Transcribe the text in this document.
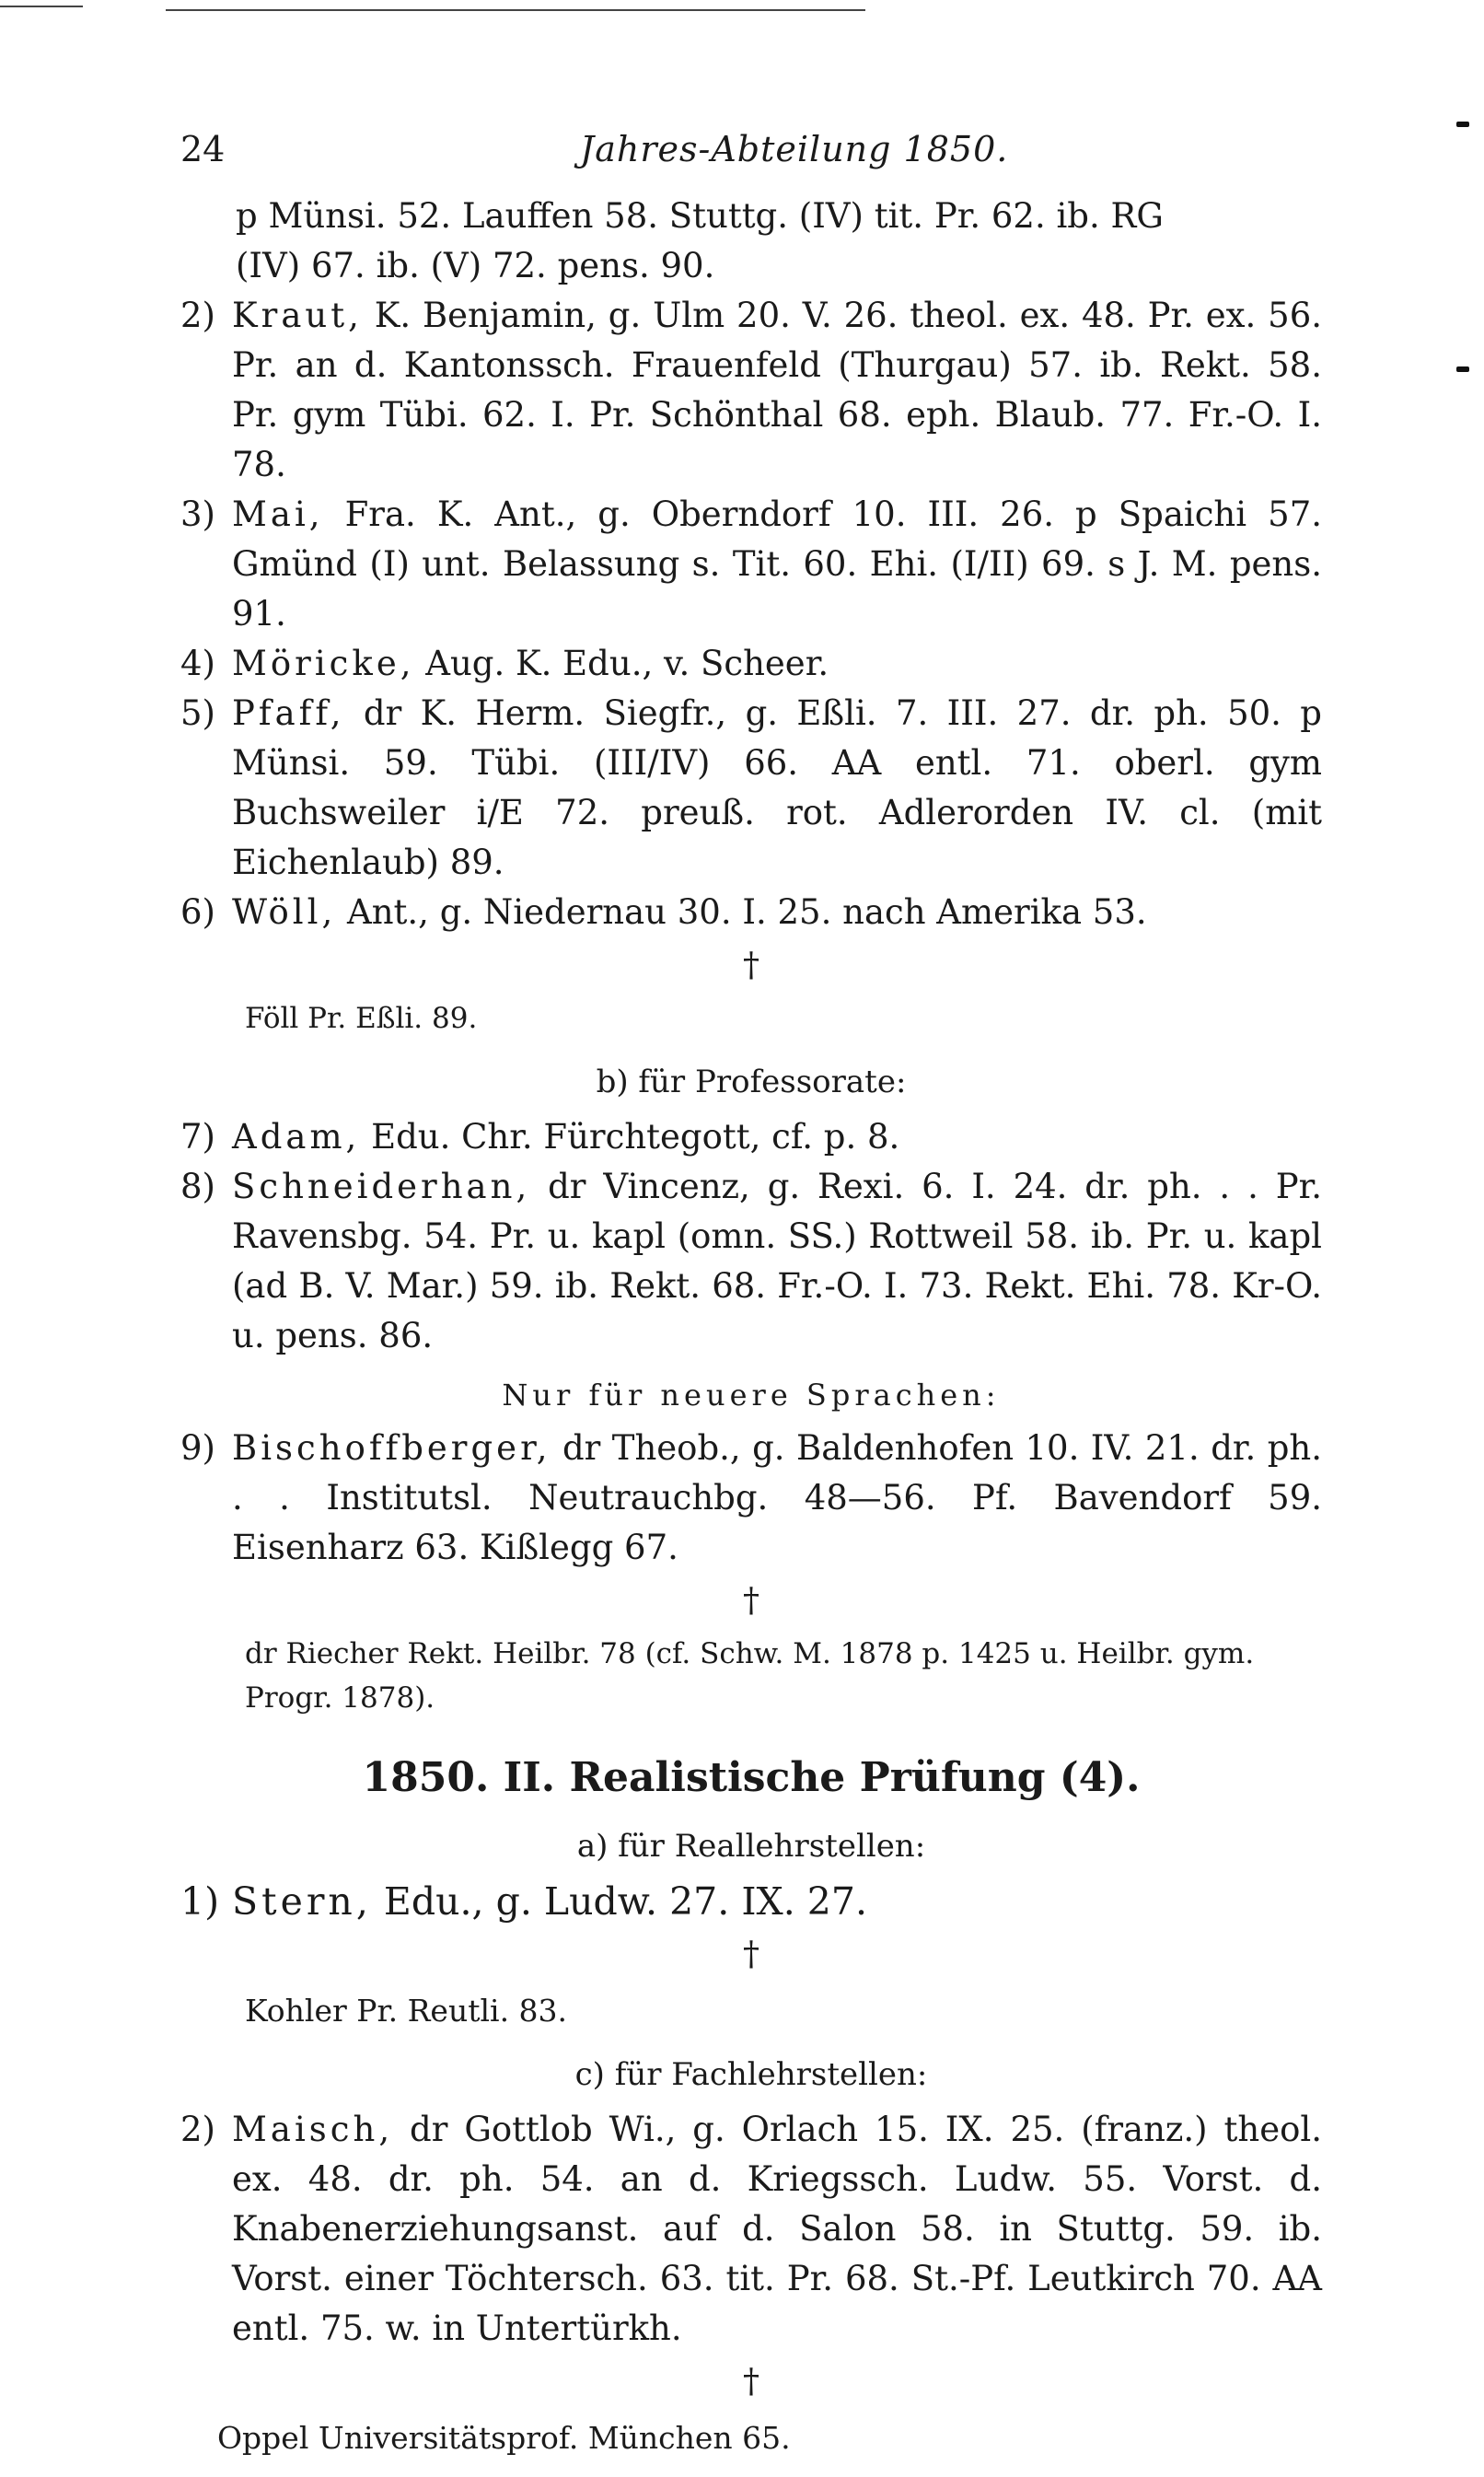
24	Jahres-Abteilung 1850.
p Münsi. 52. Lauffen 58. Stuttg. (IV) tit. Pr. 62. ib. RG
(IV) 67. ib. (V) 72. pens. 90.
2) Kraut, K. Benjamin, g. Ulm 20. V. 26. theol. ex. 48. Pr. ex. 56. Pr. an d. Kantonssch. Frauenfeld (Thurgau) 57. ib. Rekt. 58. Pr. gym Tübi. 62. I. Pr. Schönthal 68. eph. Blaub. 77. Fr.-O. I. 78.
3) Mai, Fra. K. Ant., g. Oberndorf 10. III. 26. p Spaichi 57. Gmünd (I) unt. Belassung s. Tit. 60. Ehi. (I/II) 69. s J. M. pens. 91.
4) Möricke, Aug. K. Edu., v. Scheer.
5) Pfaff, dr K. Herm. Siegfr., g. Eßli. 7. III. 27. dr. ph. 50. p Münsi. 59. Tübi. (III/IV) 66. AA entl. 71. oberl. gym Buchsweiler i/E 72. preuß. rot. Adlerorden IV. cl. (mit Eichenlaub) 89.
6) Wöll, Ant., g. Niedernau 30. I. 25. nach Amerika 53.
†
Föll Pr. Eßli. 89.
b) für Professorate:
7) Adam, Edu. Chr. Fürchtegott, cf. p. 8.
8) Schneiderhan, dr Vincenz, g. Rexi. 6. I. 24. dr. ph. . . Pr. Ravensbg. 54. Pr. u. kapl (omn. SS.) Rottweil 58. ib. Pr. u. kapl (ad B. V. Mar.) 59. ib. Rekt. 68. Fr.-O. I. 73. Rekt. Ehi. 78. Kr-O. u. pens. 86.
Nur für neuere Sprachen:
9) Bischoffberger, dr Theob., g. Baldenhofen 10. IV. 21. dr. ph. . . Institutsl. Neutrauchbg. 48—56. Pf. Bavendorf 59. Eisenharz 63. Kißlegg 67.
†
dr Riecher Rekt. Heilbr. 78 (cf. Schw. M. 1878 p. 1425 u. Heilbr. gym. Progr. 1878).
1850. II. Realistische Prüfung (4).
a) für Reallehrstellen:
1) Stern, Edu., g. Ludw. 27. IX. 27.
†
Kohler Pr. Reutli. 83.
c) für Fachlehrstellen:
2) Maisch, dr Gottlob Wi., g. Orlach 15. IX. 25. (franz.) theol. ex. 48. dr. ph. 54. an d. Kriegssch. Ludw. 55. Vorst. d. Knabenerziehungsanst. auf d. Salon 58. in Stuttg. 59. ib. Vorst. einer Töchtersch. 63. tit. Pr. 68. St.-Pf. Leutkirch 70. AA entl. 75. w. in Untertürkh.
†
Oppel Universitätsprof. München 65.
